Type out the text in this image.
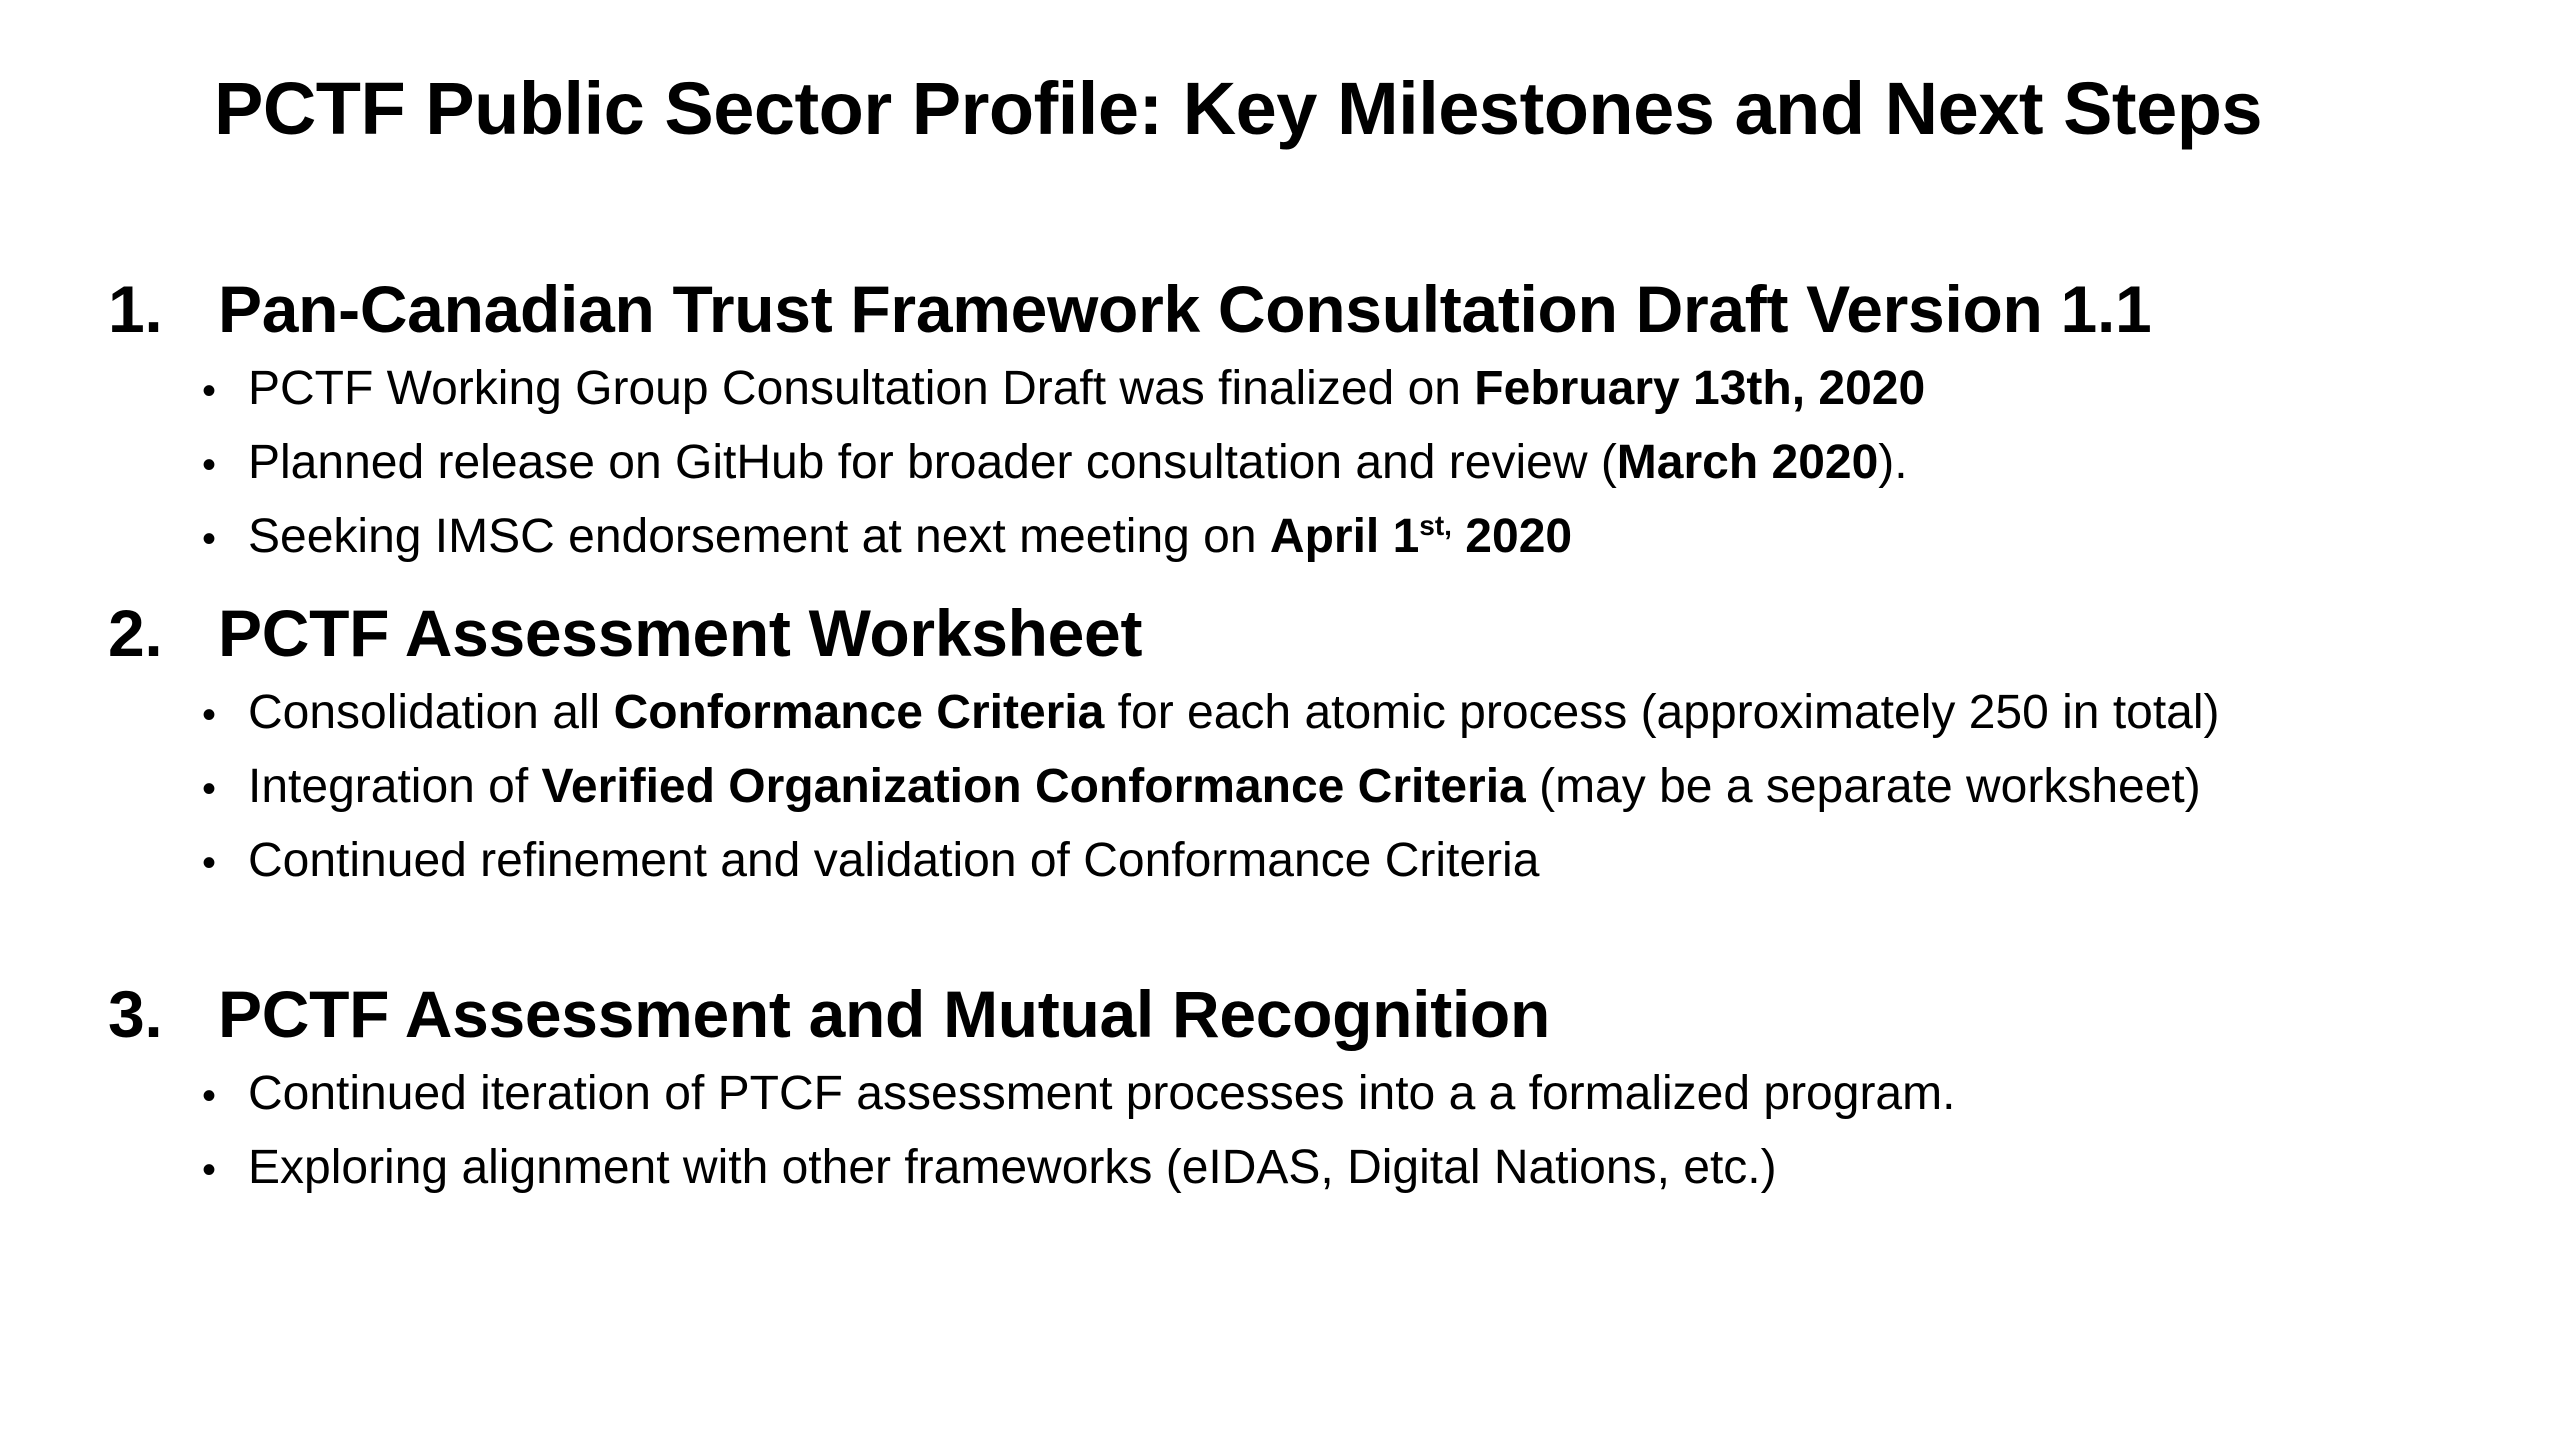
PCTF Public Sector Profile: Key Milestones and Next Steps
1. Pan-Canadian Trust Framework Consultation Draft Version 1.1
• PCTF Working Group Consultation Draft was finalized on February 13th, 2020
• Planned release on GitHub for broader consultation and review (March 2020).
• Seeking IMSC endorsement at next meeting on April $1^{st,}$ 2020
2. PCTF Assessment Worksheet
• Consolidation all Conformance Criteria for each atomic process (approximately 250 in total)
• Integration of Verified Organization Conformance Criteria (may be a separate worksheet)
• Continued refinement and validation of Conformance Criteria
3. PCTF Assessment and Mutual Recognition
• Continued iteration of PTCF assessment processes into a a formalized program.
• Exploring alignment with other frameworks (eIDAS, Digital Nations, etc.)
